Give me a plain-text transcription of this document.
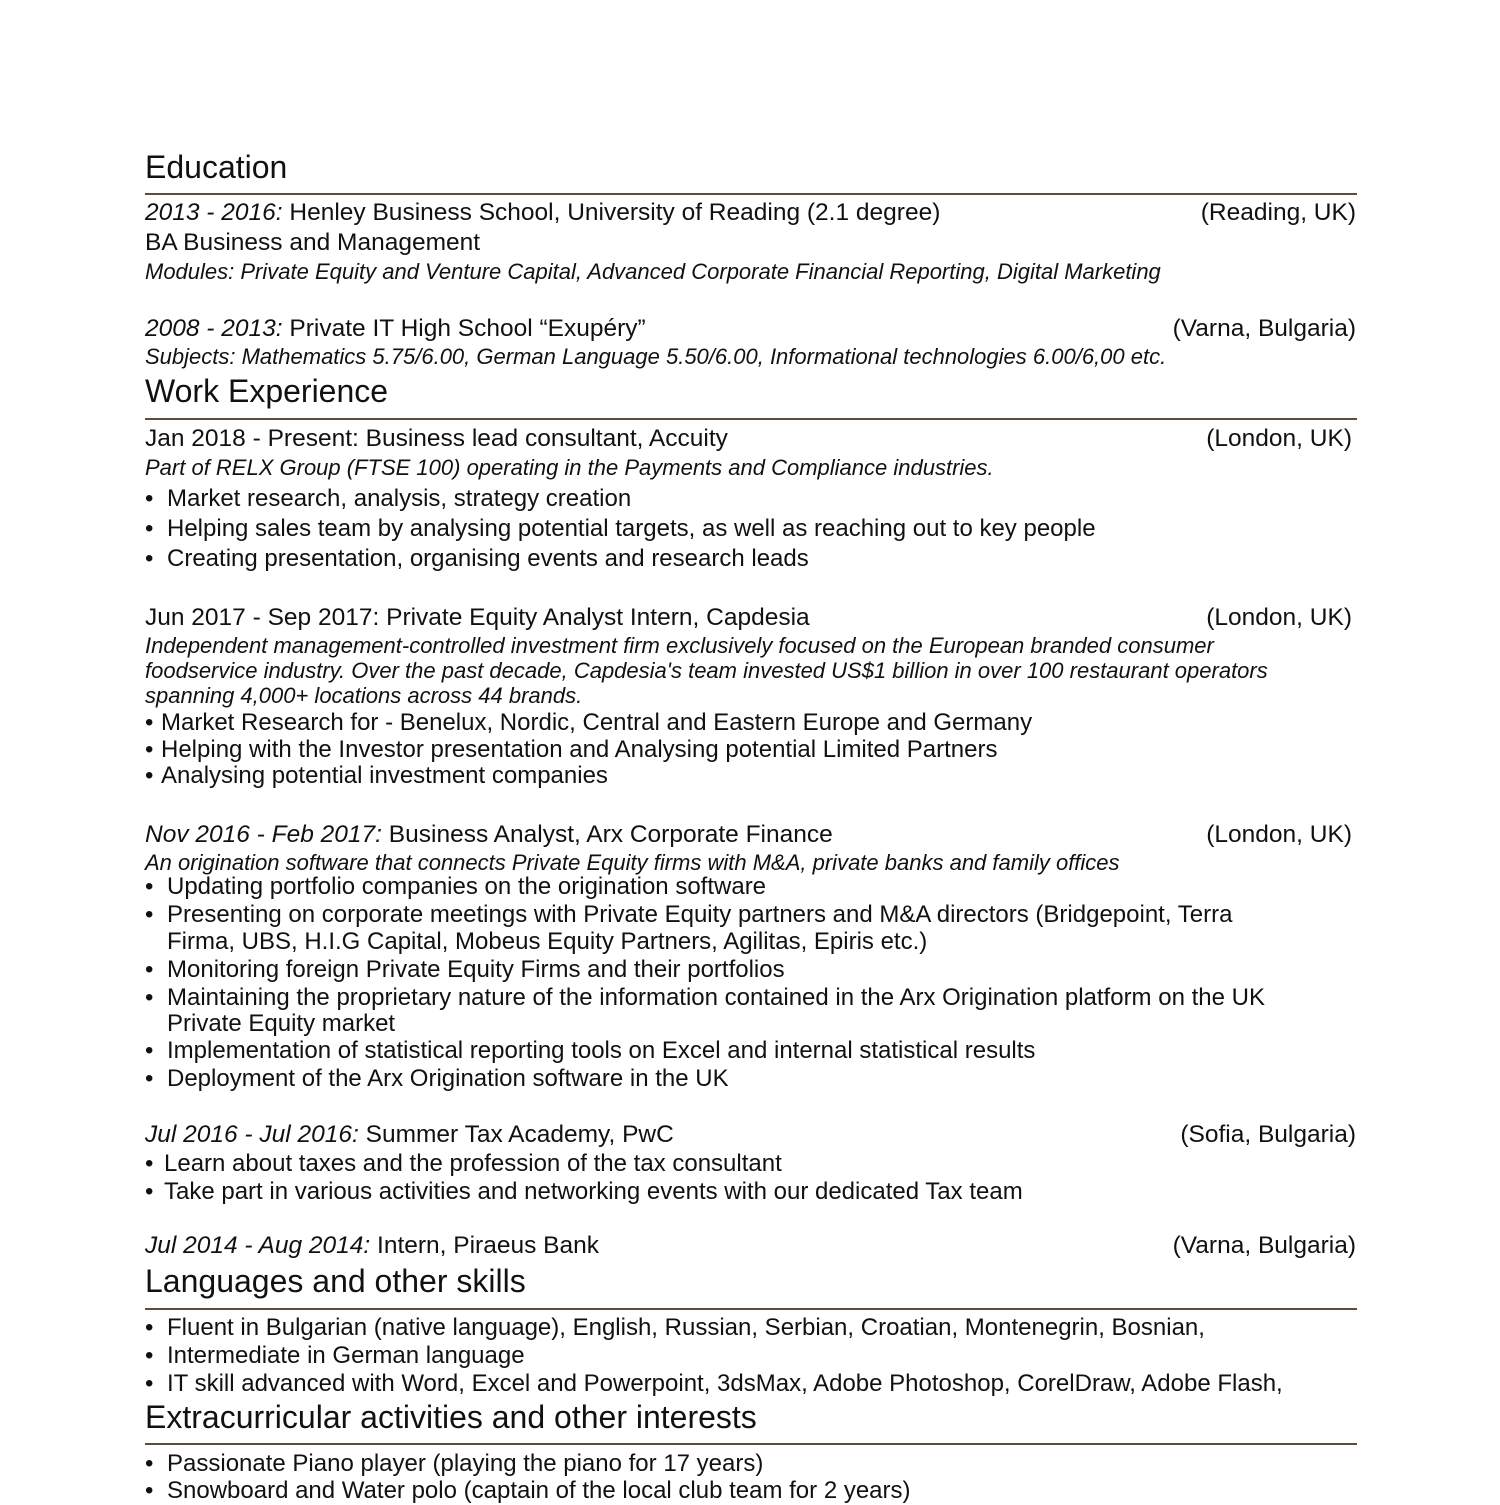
Education
2013 - 2016: Henley Business School, University of Reading (2.1 degree)	(Reading, UK)
BA Business and Management
Modules: Private Equity and Venture Capital, Advanced Corporate Financial Reporting, Digital Marketing
2008 - 2013: Private IT High School “Exupéry”	(Varna, Bulgaria)
Subjects: Mathematics 5.75/6.00, German Language 5.50/6.00, Informational technologies 6.00/6,00 etc.
Work Experience
Jan 2018 - Present: Business lead consultant, Accuity	(London, UK)
Part of RELX Group (FTSE 100) operating in the Payments and Compliance industries.
• Market research, analysis, strategy creation
• Helping sales team by analysing potential targets, as well as reaching out to key people
• Creating presentation, organising events and research leads
Jun 2017 - Sep 2017: Private Equity Analyst Intern, Capdesia	(London, UK)
Independent management-controlled investment firm exclusively focused on the European branded consumer
foodservice industry. Over the past decade, Capdesia's team invested US$1 billion in over 100 restaurant operators
spanning 4,000+ locations across 44 brands.
• Market Research for - Benelux, Nordic, Central and Eastern Europe and Germany
• Helping with the Investor presentation and Analysing potential Limited Partners
• Analysing potential investment companies
Nov 2016 - Feb 2017: Business Analyst, Arx Corporate Finance	(London, UK)
An origination software that connects Private Equity firms with M&A, private banks and family offices
• Updating portfolio companies on the origination software
• Presenting on corporate meetings with Private Equity partners and M&A directors (Bridgepoint, Terra
Firma, UBS, H.I.G Capital, Mobeus Equity Partners, Agilitas, Epiris etc.)
• Monitoring foreign Private Equity Firms and their portfolios
• Maintaining the proprietary nature of the information contained in the Arx Origination platform on the UK
Private Equity market
• Implementation of statistical reporting tools on Excel and internal statistical results
• Deployment of the Arx Origination software in the UK
Jul 2016 - Jul 2016: Summer Tax Academy, PwC	(Sofia, Bulgaria)
• Learn about taxes and the profession of the tax consultant
• Take part in various activities and networking events with our dedicated Tax team
Jul 2014 - Aug 2014: Intern, Piraeus Bank	(Varna, Bulgaria)
Languages and other skills
• Fluent in Bulgarian (native language), English, Russian, Serbian, Croatian, Montenegrin, Bosnian,
• Intermediate in German language
• IT skill advanced with Word, Excel and Powerpoint, 3dsMax, Adobe Photoshop, CorelDraw, Adobe Flash,
Extracurricular activities and other interests
• Passionate Piano player (playing the piano for 17 years)
• Snowboard and Water polo (captain of the local club team for 2 years)
